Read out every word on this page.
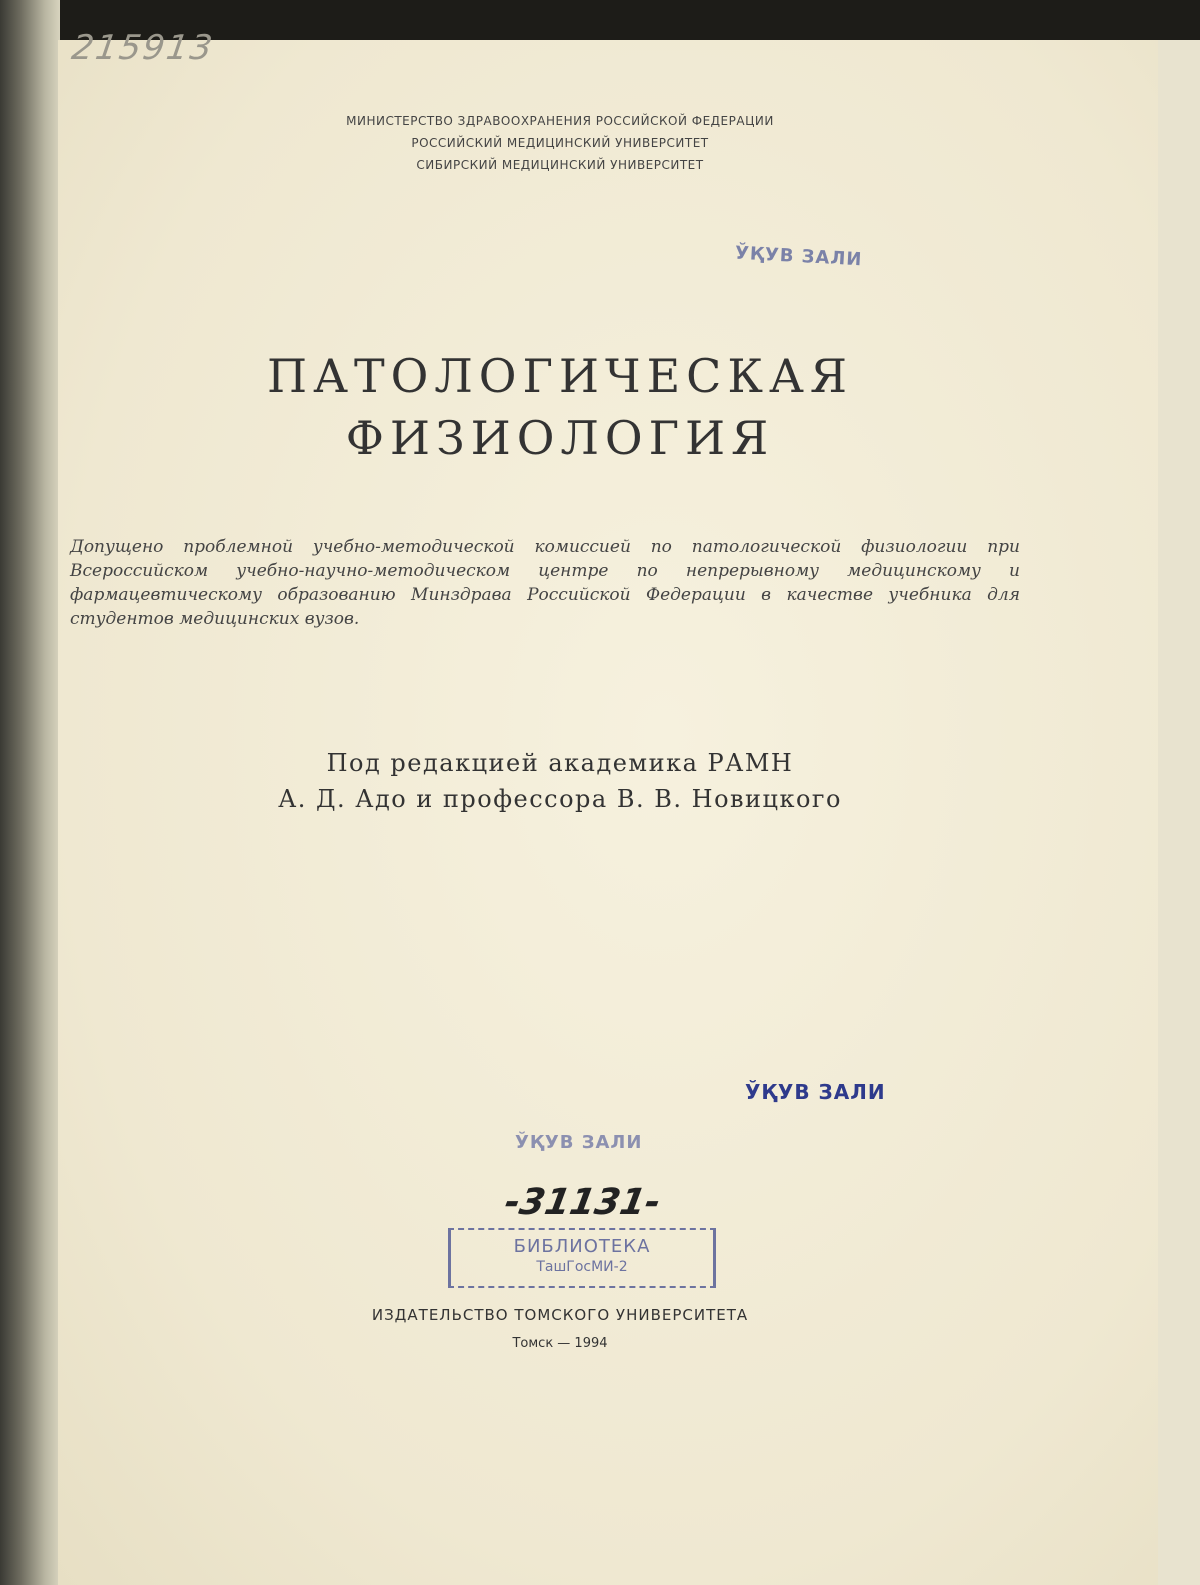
215913
МИНИСТЕРСТВО ЗДРАВООХРАНЕНИЯ РОССИЙСКОЙ ФЕДЕРАЦИИ
РОССИЙСКИЙ МЕДИЦИНСКИЙ УНИВЕРСИТЕТ
СИБИРСКИЙ МЕДИЦИНСКИЙ УНИВЕРСИТЕТ
ЎҚУВ ЗАЛИ
ПАТОЛОГИЧЕСКАЯ
ФИЗИОЛОГИЯ
Допущено проблемной учебно-методической комиссией по патологической физиологии при Всероссийском учебно-научно-методическом центре по непрерывному медицинскому и фармацевтическому образованию Минздрава Российской Федерации в качестве учебника для студентов медицинских вузов.
Под редакцией академика РАМН
А. Д. Адо и профессора В. В. Новицкого
ЎҚУВ ЗАЛИ
ЎҚУВ ЗАЛИ
-31131-
БИБЛИОТЕКА
ТашГосМИ-2
ИЗДАТЕЛЬСТВО ТОМСКОГО УНИВЕРСИТЕТА
Томск — 1994
